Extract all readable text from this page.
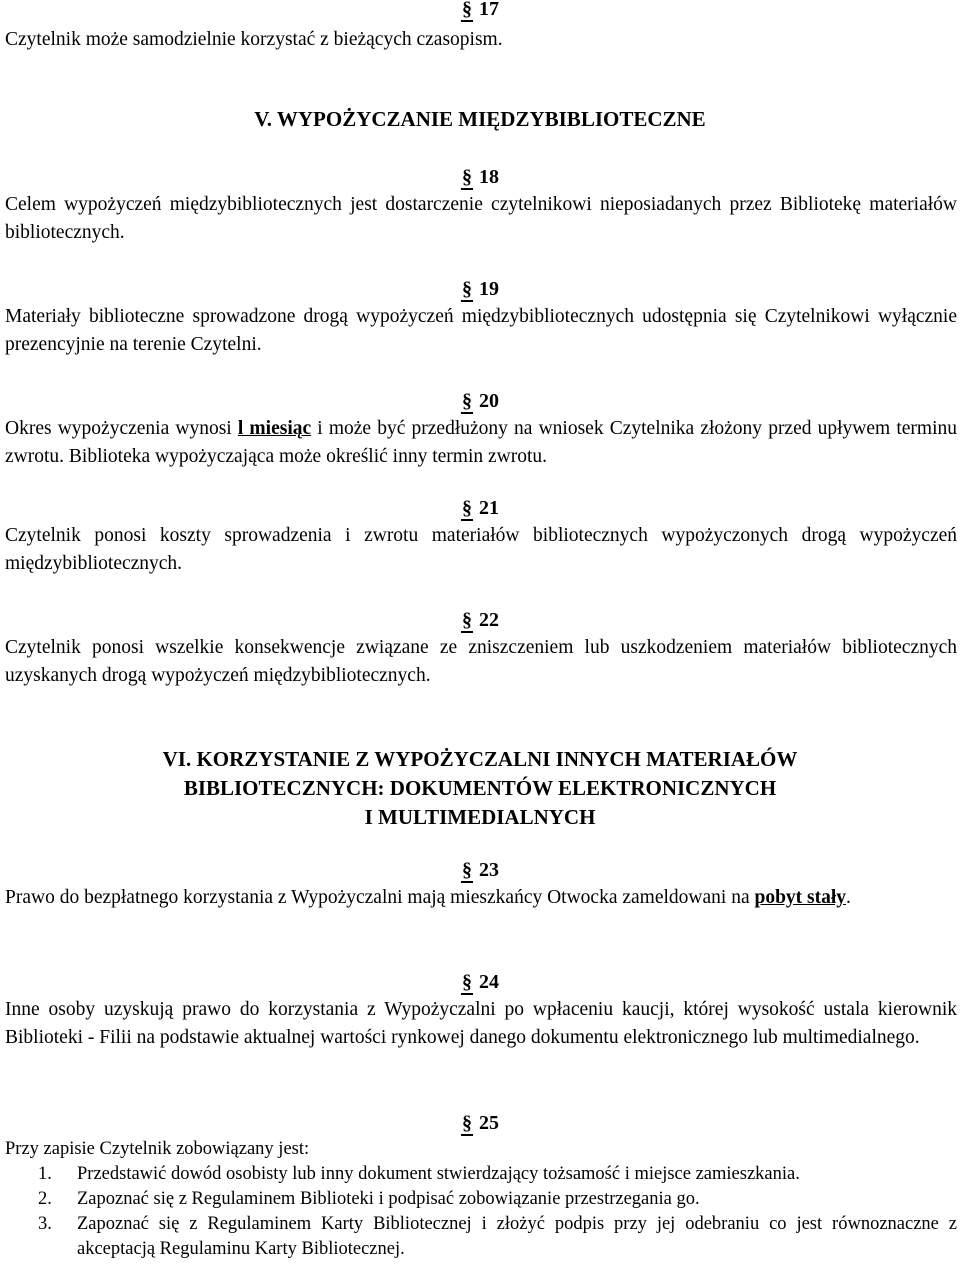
§ 17

Czytelnik może samodzielnie korzystać z bieżących czasopism.

V. WYPOŻYCZANIE MIĘDZYBIBLIOTECZNE
§ 18

Celem wypożyczeń międzybibliotecznych jest dostarczenie czytelnikowi nieposiadanych przez Bibliotekę materiałów bibliotecznych.

§ 19

Materiały biblioteczne sprowadzone drogą wypożyczeń międzybibliotecznych udostępnia się Czytelnikowi wyłącznie prezencyjnie na terenie Czytelni.

§ 20

Okres wypożyczenia wynosi l miesiąc i może być przedłużony na wniosek Czytelnika złożony przed upływem terminu zwrotu. Biblioteka wypożyczająca może określić inny termin zwrotu.

§ 21

Czytelnik ponosi koszty sprowadzenia i zwrotu materiałów bibliotecznych wypożyczonych drogą wypożyczeń międzybibliotecznych.

§ 22

Czytelnik ponosi wszelkie konsekwencje związane ze zniszczeniem lub uszkodzeniem materiałów bibliotecznych uzyskanych drogą wypożyczeń międzybibliotecznych.

VI. KORZYSTANIE Z WYPOŻYCZALNI INNYCH MATERIAŁÓW
BIBLIOTECZNYCH: DOKUMENTÓW ELEKTRONICZNYCH
I MULTIMEDIALNYCH
§ 23

Prawo do bezpłatnego korzystania z Wypożyczalni mają mieszkańcy Otwocka zameldowani na pobyt stały.

§ 24

Inne osoby uzyskują prawo do korzystania z Wypożyczalni po wpłaceniu kaucji, której wysokość ustala kierownik Biblioteki - Filii na podstawie aktualnej wartości rynkowej danego dokumentu elektronicznego lub multimedialnego.

§ 25

Przy zapisie Czytelnik zobowiązany jest:

1. Przedstawić dowód osobisty lub inny dokument stwierdzający tożsamość i miejsce zamieszkania.
2. Zapoznać się z Regulaminem Biblioteki i podpisać zobowiązanie przestrzegania go.
3. Zapoznać się z Regulaminem Karty Bibliotecznej i złożyć podpis przy jej odebraniu co jest równoznaczne z akceptacją Regulaminu Karty Bibliotecznej.
